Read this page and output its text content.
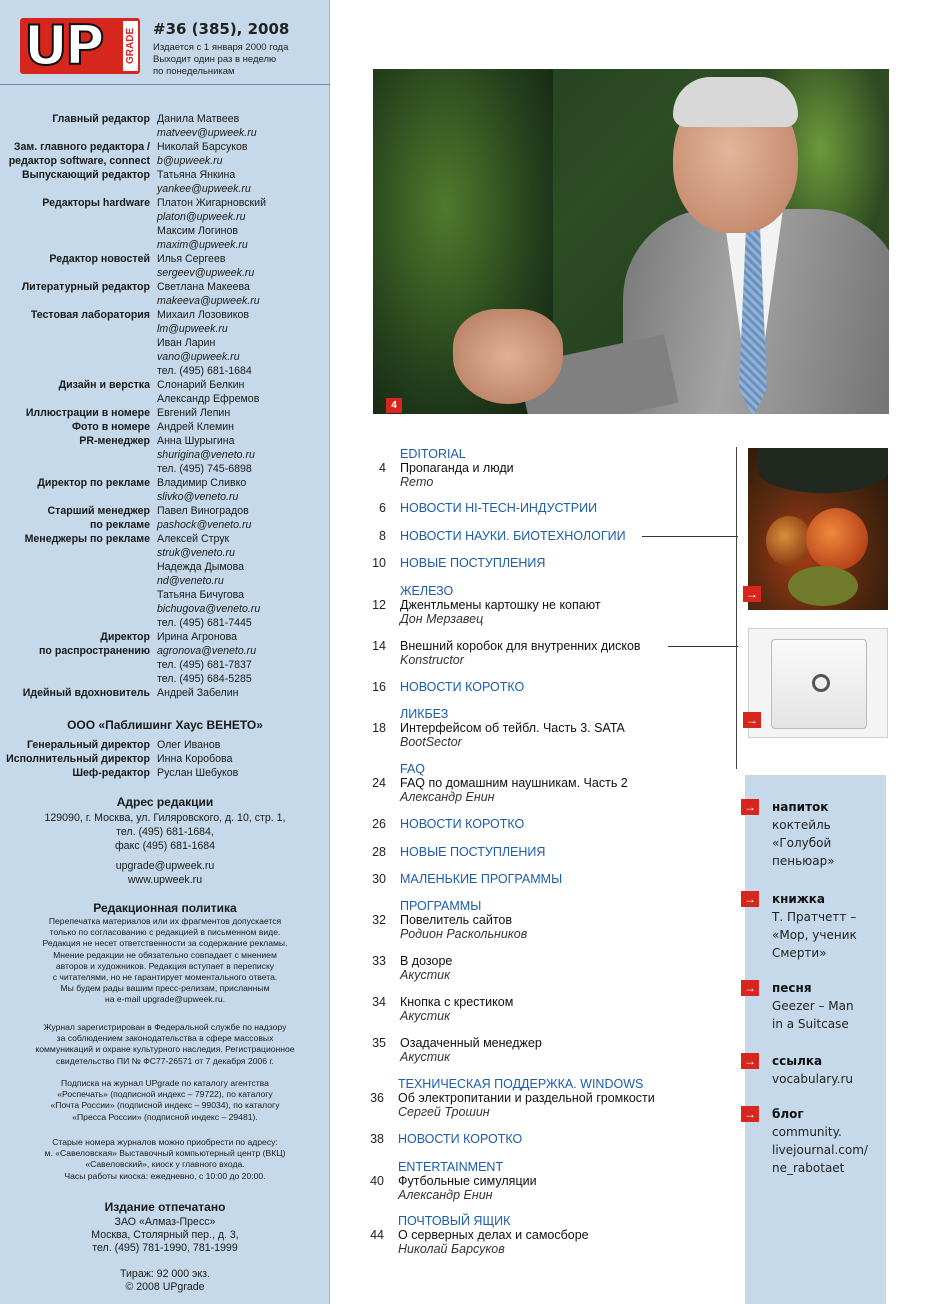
UP GRADE #36 (385), 2008
Издается с 1 января 2000 года
Выходит один раз в неделю
по понедельникам
Главный редактор Данила Матвеев
matveev@upweek.ru
Зам. главного редактора /
редактор software, connect
Николай Барсуков
b@upweek.ru
Выпускающий редактор Татьяна Янкина
yankee@upweek.ru
Редакторы hardware Платон Жигарновский
platon@upweek.ru
Максим Логинов
maxim@upweek.ru
Редактор новостей Илья Сергеев
sergeev@upweek.ru
Литературный редактор Светлана Макеева
makeeva@upweek.ru
Тестовая лаборатория Михаил Лозовиков
lm@upweek.ru
Иван Ларин
vano@upweek.ru
тел. (495) 681-1684
Дизайн и верстка Слонарий Белкин
Александр Ефремов
Иллюстрации в номере Евгений Лепин
Фото в номере Андрей Клемин
PR-менеджер Анна Шурыгина
shurigina@veneto.ru
тел. (495) 745-6898
Директор по рекламе Владимир Сливко
slivko@veneto.ru
Старший менеджер
по рекламе
Павел Виноградов
pashock@veneto.ru
Менеджеры по рекламе Алексей Струк
struk@veneto.ru
Надежда Дымова
nd@veneto.ru
Татьяна Бичугова
bichugova@veneto.ru
тел. (495) 681-7445
Директор
по распространению
Ирина Агронова
agronova@veneto.ru
тел. (495) 681-7837
тел. (495) 684-5285
Идейный вдохновитель Андрей Забелин
ООО «Паблишинг Хаус ВЕНЕТО»
Генеральный директор Олег Иванов
Исполнительный директор Инна Коробова
Шеф-редактор Руслан Шебуков
Адрес редакции
129090, г. Москва, ул. Гиляровского, д. 10, стр. 1,
тел. (495) 681-1684,
факс (495) 681-1684
upgrade@upweek.ru
www.upweek.ru
Редакционная политика
Перепечатка материалов или их фрагментов допускается
только по согласованию с редакцией в письменном виде.
Редакция не несет ответственности за содержание рекламы.
Мнение редакции не обязательно совпадает с мнением
авторов и художников. Редакция вступает в переписку
с читателями, но не гарантирует моментального ответа.
Мы будем рады вашим пресс-релизам, присланным
на e-mail upgrade@upweek.ru.
Журнал зарегистрирован в Федеральной службе по надзору
за соблюдением законодательства в сфере массовых
коммуникаций и охране культурного наследия. Регистрационное
свидетельство ПИ № ФС77-26571 от 7 декабря 2006 г.
Подписка на журнал UPgrade по каталогу агентства
«Роспечать» (подписной индекс – 79722), по каталогу
«Почта России» (подписной индекс – 99034), по каталогу
«Пресса России» (подписной индекс – 29481).
Старые номера журналов можно приобрести по адресу:
м. «Савеловская» Выставочный компьютерный центр (ВКЦ)
«Савеловский», киоск у главного входа.
Часы работы киоска: ежедневно, с 10:00 до 20:00.
Издание отпечатано
ЗАО «Алмаз-Пресс»
Москва, Столярный пер., д. 3,
тел. (495) 781-1990, 781-1999
Тираж: 92 000 экз.
© 2008 UPgrade
4
EDITORIAL
4 Пропаганда и люди
Remo
НОВОСТИ HI-TECH-ИНДУСТРИИ
6
НОВОСТИ НАУКИ. БИОТЕХНОЛОГИИ
8
НОВЫЕ ПОСТУПЛЕНИЯ
10
ЖЕЛЕЗО
12 Джентльмены картошку не копают
Дон Мерзавец
14 Внешний коробок для внутренних дисков
Konstructor
НОВОСТИ КОРОТКО
16
ЛИКБЕЗ
18 Интерфейсом об тейбл. Часть 3. SATA
BootSector
FAQ
24 FAQ по домашним наушникам. Часть 2
Александр Енин
НОВОСТИ КОРОТКО
26
НОВЫЕ ПОСТУПЛЕНИЯ
28
МАЛЕНЬКИЕ ПРОГРАММЫ
30
ПРОГРАММЫ
32 Повелитель сайтов
Родион Раскольников
33 В дозоре
Акустик
34 Кнопка с крестиком
Акустик
35 Озадаченный менеджер
Акустик
ТЕХНИЧЕСКАЯ ПОДДЕРЖКА. WINDOWS
36 Об электропитании и раздельной громкости
Сергей Трошин
НОВОСТИ КОРОТКО
38
ENTERTAINMENT
40 Футбольные симуляции
Александр Енин
ПОЧТОВЫЙ ЯЩИК
44 О серверных делах и самосборе
Николай Барсуков
→
→
→ напиток
коктейль
«Голубой
пеньюар»
→ книжка
Т. Пратчетт –
«Мор, ученик
Смерти»
→ песня
Geezer – Man
in a Suitcase
→ ссылка
vocabulary.ru
→ блог
community.
livejournal.com/
ne_rabotaet
